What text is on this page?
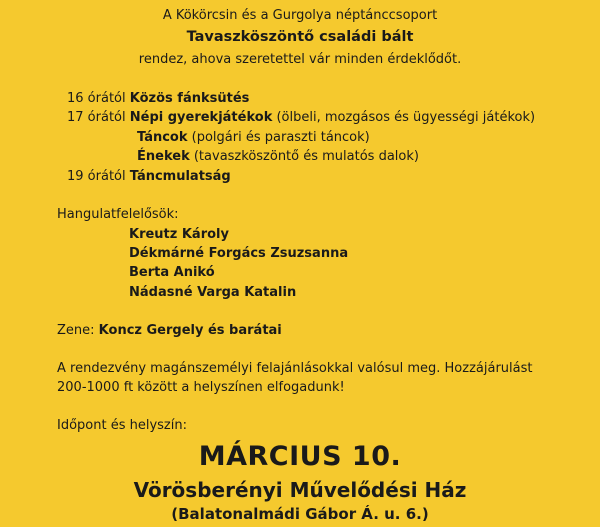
A Kökörcsin és a Gurgolya néptánccsoport
Tavaszköszöntő családi bált
rendez, ahova szeretettel vár minden érdeklődőt.
16 órától Közös fánksütés
17 órától Népi gyerekjátékok (ölbeli, mozgásos és ügyességi játékok)
Táncok (polgári és paraszti táncok)
Énekek (tavaszköszöntő és mulatós dalok)
19 órától Táncmulatság
Hangulatfelelősök:
Kreutz Károly
Dékmárné Forgács Zsuzsanna
Berta Anikó
Nádasné Varga Katalin
Zene: Koncz Gergely és barátai
A rendezvény magánszemélyi felajánlásokkal valósul meg. Hozzájárulást
200-1000 ft között a helyszínen elfogadunk!
Időpont és helyszín:
MÁRCIUS 10.
Vörösberényi Művelődési Ház
(Balatonalmádi Gábor Á. u. 6.)
